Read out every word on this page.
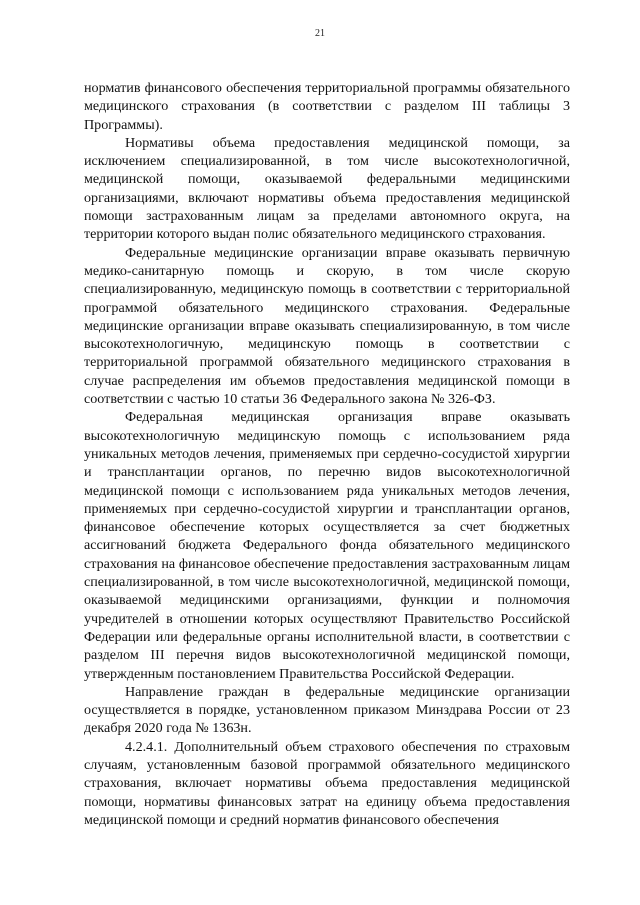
21

норматив финансового обеспечения территориальной программы обязательного медицинского страхования (в соответствии с разделом III таблицы 3 Программы).

Нормативы объема предоставления медицинской помощи, за исключением специализированной, в том числе высокотехнологичной, медицинской помощи, оказываемой федеральными медицинскими организациями, включают нормативы объема предоставления медицинской помощи застрахованным лицам за пределами автономного округа, на территории которого выдан полис обязательного медицинского страхования.

Федеральные медицинские организации вправе оказывать первичную медико-санитарную помощь и скорую, в том числе скорую специализированную, медицинскую помощь в соответствии с территориальной программой обязательного медицинского страхования. Федеральные медицинские организации вправе оказывать специализированную, в том числе высокотехнологичную, медицинскую помощь в соответствии с территориальной программой обязательного медицинского страхования в случае распределения им объемов предоставления медицинской помощи в соответствии с частью 10 статьи 36 Федерального закона № 326-ФЗ.

Федеральная медицинская организация вправе оказывать высокотехнологичную медицинскую помощь с использованием ряда уникальных методов лечения, применяемых при сердечно-сосудистой хирургии и трансплантации органов, по перечню видов высокотехнологичной медицинской помощи с использованием ряда уникальных методов лечения, применяемых при сердечно-сосудистой хирургии и трансплантации органов, финансовое обеспечение которых осуществляется за счет бюджетных ассигнований бюджета Федерального фонда обязательного медицинского страхования на финансовое обеспечение предоставления застрахованным лицам специализированной, в том числе высокотехнологичной, медицинской помощи, оказываемой медицинскими организациями, функции и полномочия учредителей в отношении которых осуществляют Правительство Российской Федерации или федеральные органы исполнительной власти, в соответствии с разделом III перечня видов высокотехнологичной медицинской помощи, утвержденным постановлением Правительства Российской Федерации.

Направление граждан в федеральные медицинские организации осуществляется в порядке, установленном приказом Минздрава России от 23 декабря 2020 года № 1363н.

4.2.4.1. Дополнительный объем страхового обеспечения по страховым случаям, установленным базовой программой обязательного медицинского страхования, включает нормативы объема предоставления медицинской помощи, нормативы финансовых затрат на единицу объема предоставления медицинской помощи и средний норматив финансового обеспечения
